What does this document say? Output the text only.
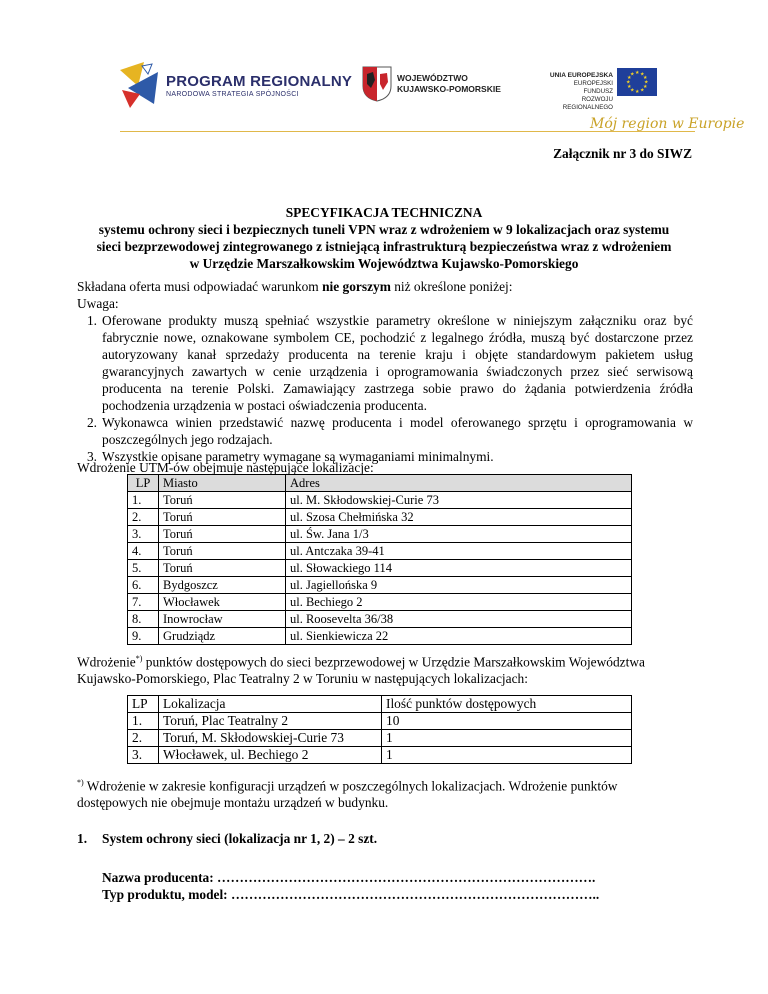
PROGRAM REGIONALNY
NARODOWA STRATEGIA SPÓJNOŚCI
WOJEWÓDZTWO
KUJAWSKO-POMORSKIE
UNIA EUROPEJSKA
EUROPEJSKI FUNDUSZ
ROZWOJU REGIONALNEGO
★ ★
★
★
★
★
★
★
★
★
★
★
Mój region w Europie
Załącznik nr 3 do SIWZ
SPECYFIKACJA TECHNICZNA
systemu ochrony sieci i bezpiecznych tuneli VPN wraz z wdrożeniem w 9 lokalizacjach oraz systemu
sieci bezprzewodowej zintegrowanego z istniejącą infrastrukturą bezpieczeństwa wraz z wdrożeniem
w Urzędzie Marszałkowskim Województwa Kujawsko-Pomorskiego
Składana oferta musi odpowiadać warunkom nie gorszym niż określone poniżej:
Uwaga:
1. Oferowane produkty muszą spełniać wszystkie parametry określone w niniejszym załączniku oraz być fabrycznie nowe, oznakowane symbolem CE, pochodzić z legalnego źródła, muszą być dostarczone przez autoryzowany kanał sprzedaży producenta na terenie kraju i objęte standardowym pakietem usług gwarancyjnych zawartych w cenie urządzenia i oprogramowania świadczonych przez sieć serwisową producenta na terenie Polski. Zamawiający zastrzega sobie prawo do żądania potwierdzenia źródła pochodzenia urządzenia w postaci oświadczenia producenta.
2. Wykonawca winien przedstawić nazwę producenta i model oferowanego sprzętu i oprogramowania w poszczególnych jego rodzajach.
3. Wszystkie opisane parametry wymagane są wymaganiami minimalnymi.
Wdrożenie UTM-ów obejmuje następujące lokalizacje:
LP	Miasto	Adres
1.	Toruń	ul. M. Skłodowskiej-Curie 73
2.	Toruń	ul. Szosa Chełmińska 32
3.	Toruń	ul. Św. Jana 1/3
4.	Toruń	ul. Antczaka 39-41
5.	Toruń	ul. Słowackiego 114
6.	Bydgoszcz	ul. Jagiellońska 9
7.	Włocławek	ul. Bechiego 2
8.	Inowrocław	ul. Roosevelta 36/38
9.	Grudziądz	ul. Sienkiewicza 22
Wdrożenie*) punktów dostępowych do sieci bezprzewodowej w Urzędzie Marszałkowskim Województwa
Kujawsko-Pomorskiego, Plac Teatralny 2 w Toruniu w następujących lokalizacjach:
LP	Lokalizacja	Ilość punktów dostępowych
1.	Toruń, Plac Teatralny 2	10
2.	Toruń, M. Skłodowskiej-Curie 73	1
3.	Włocławek, ul. Bechiego 2	1
*) Wdrożenie w zakresie konfiguracji urządzeń w poszczególnych lokalizacjach. Wdrożenie punktów
dostępowych nie obejmuje montażu urządzeń w budynku.
1. System ochrony sieci (lokalizacja nr 1, 2) – 2 szt.
Nazwa producenta: ………………………………………………………………………….
Typ produktu, model: ………………………………………………………………………..
